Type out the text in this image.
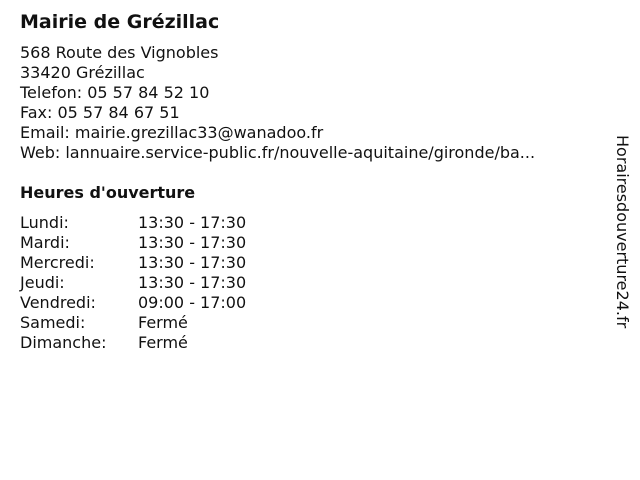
Mairie de Grézillac
568 Route des Vignobles
33420 Grézillac
Telefon: 05 57 84 52 10
Fax: 05 57 84 67 51
Email: mairie.grezillac33@wanadoo.fr
Web: lannuaire.service-public.fr/nouvelle-aquitaine/gironde/ba...
Heures d'ouverture
Lundi:	13:30 - 17:30
Mardi:	13:30 - 17:30
Mercredi:	13:30 - 17:30
Jeudi:	13:30 - 17:30
Vendredi:	09:00 - 17:00
Samedi:	Fermé
Dimanche:	Fermé
Horairesdouverture24.fr
